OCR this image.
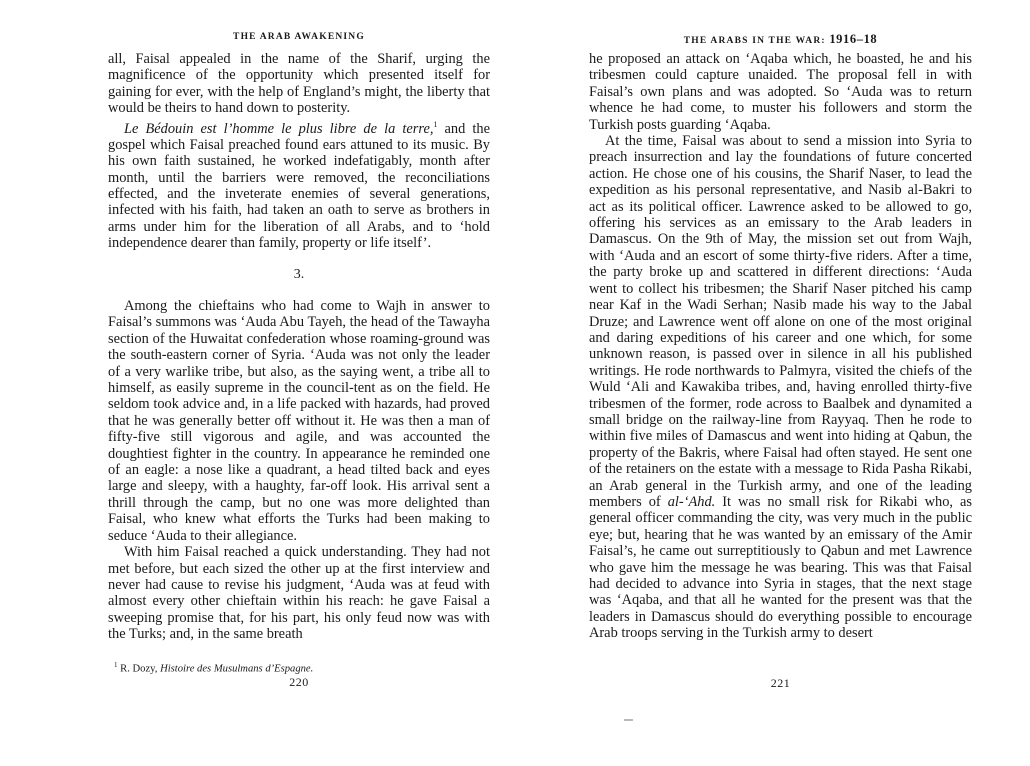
THE ARAB AWAKENING

all, Faisal appealed in the name of the Sharif, urging the magnificence of the opportunity which presented itself for gaining for ever, with the help of England’s might, the liberty that would be theirs to hand down to posterity.

Le Bédouin est l’homme le plus libre de la terre,$^1$ and the gospel which Faisal preached found ears attuned to its music. By his own faith sustained, he worked indefatigably, month after month, until the barriers were removed, the reconciliations effected, and the inveterate enemies of several generations, infected with his faith, had taken an oath to serve as brothers in arms under him for the liberation of all Arabs, and to ‘hold independence dearer than family, property or life itself’.

3.

Among the chieftains who had come to Wajh in answer to Faisal’s summons was ‘Auda Abu Tayeh, the head of the Tawayha section of the Huwaitat confederation whose roaming-ground was the south-eastern corner of Syria. ‘Auda was not only the leader of a very warlike tribe, but also, as the saying went, a tribe all to himself, as easily supreme in the council-tent as on the field. He seldom took advice and, in a life packed with hazards, had proved that he was generally better off without it. He was then a man of fifty-five still vigorous and agile, and was accounted the doughtiest fighter in the country. In appearance he reminded one of an eagle: a nose like a quadrant, a head tilted back and eyes large and sleepy, with a haughty, far-off look. His arrival sent a thrill through the camp, but no one was more delighted than Faisal, who knew what efforts the Turks had been making to seduce ‘Auda to their allegiance.

With him Faisal reached a quick understanding. They had not met before, but each sized the other up at the first interview and never had cause to revise his judgment, ‘Auda was at feud with almost every other chieftain within his reach: he gave Faisal a sweeping promise that, for his part, his only feud now was with the Turks; and, in the same breath

$^1$ R. Dozy, Histoire des Musulmans d’Espagne.
220
THE ARABS IN THE WAR: 1916–18

he proposed an attack on ‘Aqaba which, he boasted, he and his tribesmen could capture unaided. The proposal fell in with Faisal’s own plans and was adopted. So ‘Auda was to return whence he had come, to muster his followers and storm the Turkish posts guarding ‘Aqaba.

At the time, Faisal was about to send a mission into Syria to preach insurrection and lay the foundations of future concerted action. He chose one of his cousins, the Sharif Naser, to lead the expedition as his personal representative, and Nasib al-Bakri to act as its political officer. Lawrence asked to be allowed to go, offering his services as an emissary to the Arab leaders in Damascus. On the 9th of May, the mission set out from Wajh, with ‘Auda and an escort of some thirty-five riders. After a time, the party broke up and scattered in different directions: ‘Auda went to collect his tribesmen; the Sharif Naser pitched his camp near Kaf in the Wadi Serhan; Nasib made his way to the Jabal Druze; and Lawrence went off alone on one of the most original and daring expeditions of his career and one which, for some unknown reason, is passed over in silence in all his published writings. He rode northwards to Palmyra, visited the chiefs of the Wuld ‘Ali and Kawakiba tribes, and, having enrolled thirty-five tribesmen of the former, rode across to Baalbek and dynamited a small bridge on the railway-line from Rayyaq. Then he rode to within five miles of Damascus and went into hiding at Qabun, the property of the Bakris, where Faisal had often stayed. He sent one of the retainers on the estate with a message to Rida Pasha Rikabi, an Arab general in the Turkish army, and one of the leading members of al-‘Ahd. It was no small risk for Rikabi who, as general officer commanding the city, was very much in the public eye; but, hearing that he was wanted by an emissary of the Amir Faisal’s, he came out surreptitiously to Qabun and met Lawrence who gave him the message he was bearing. This was that Faisal had decided to advance into Syria in stages, that the next stage was ‘Aqaba, and that all he wanted for the present was that the leaders in Damascus should do everything possible to encourage Arab troops serving in the Turkish army to desert

221
